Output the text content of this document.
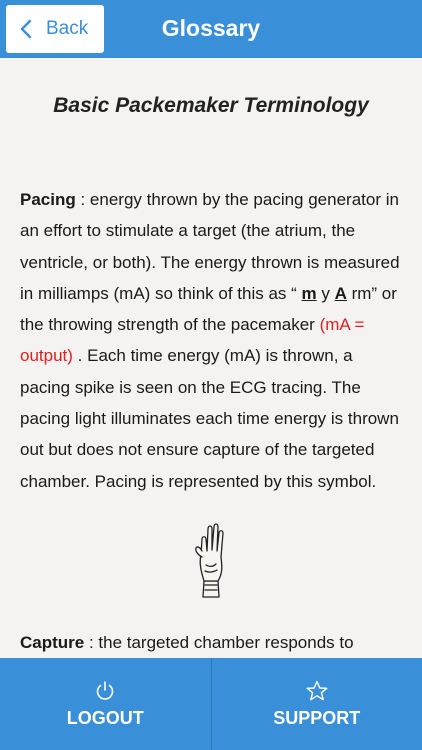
Back	Glossary
Basic Packemaker Terminology
Pacing : energy thrown by the pacing generator in an effort to stimulate a target (the atrium, the ventricle, or both). The energy thrown is measured in milliamps (mA) so think of this as “ m y A rm” or the throwing strength of the pacemaker (mA = output) . Each time energy (mA) is thrown, a pacing spike is seen on the ECG tracing. The pacing light illuminates each time energy is thrown out but does not ensure capture of the targeted chamber. Pacing is represented by this symbol.
Capture : the targeted chamber responds to
LOGOUT	SUPPORT
